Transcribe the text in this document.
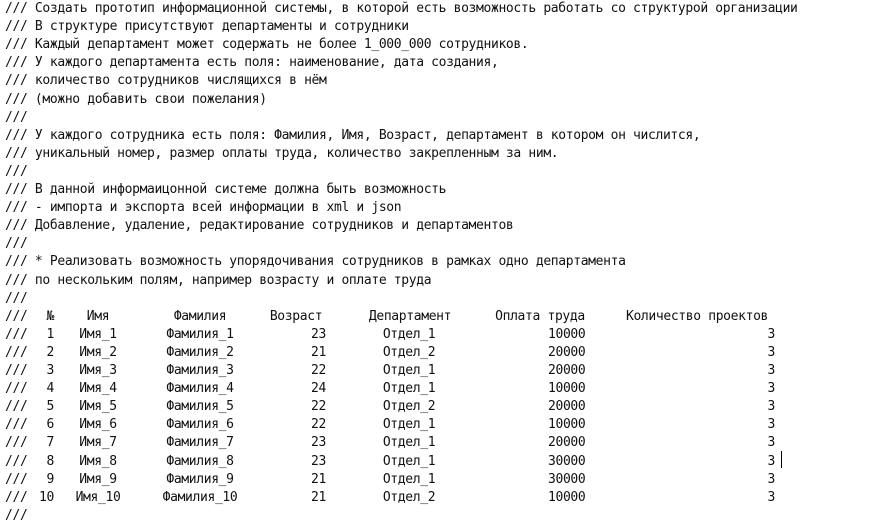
/// Создать прототип информационной системы, в которой есть возможность работать со структурой организации
/// В структуре присутствуют департаменты и сотрудники
/// Каждый департамент может содержать не более 1_000_000 сотрудников.
/// У каждого департамента есть поля: наименование, дата создания,
/// количество сотрудников числящихся в нём
/// (можно добавить свои пожелания)
///
/// У каждого сотрудника есть поля: Фамилия, Имя, Возраст, департамент в котором он числится,
/// уникальный номер, размер оплаты труда, количество закрепленным за ним.
///
/// В данной информаицонной системе должна быть возможность
/// - импорта и экспорта всей информации в xml и json
/// Добавление, удаление, редактирование сотрудников и департаментов
///
/// * Реализовать возможность упорядочивания сотрудников в рамках одно департамента
/// по нескольким полям, например возрасту и оплате труда
///
///	№	Имя	Фамилия	Возраст	Департамент	Оплата труда	Количество проектов
///	1	Имя_1	Фамилия_1	23	Отдел_1	10000	3
///	2	Имя_2	Фамилия_2	21	Отдел_2	20000	3
///	3	Имя_3	Фамилия_3	22	Отдел_1	20000	3
///	4	Имя_4	Фамилия_4	24	Отдел_1	10000	3
///	5	Имя_5	Фамилия_5	22	Отдел_2	20000	3
///	6	Имя_6	Фамилия_6	22	Отдел_1	10000	3
///	7	Имя_7	Фамилия_7	23	Отдел_1	20000	3
///	8	Имя_8	Фамилия_8	23	Отдел_1	30000	3
///	9	Имя_9	Фамилия_9	21	Отдел_1	30000	3
/// 10	Имя_10	Фамилия_10	21	Отдел_2	10000	3
///
